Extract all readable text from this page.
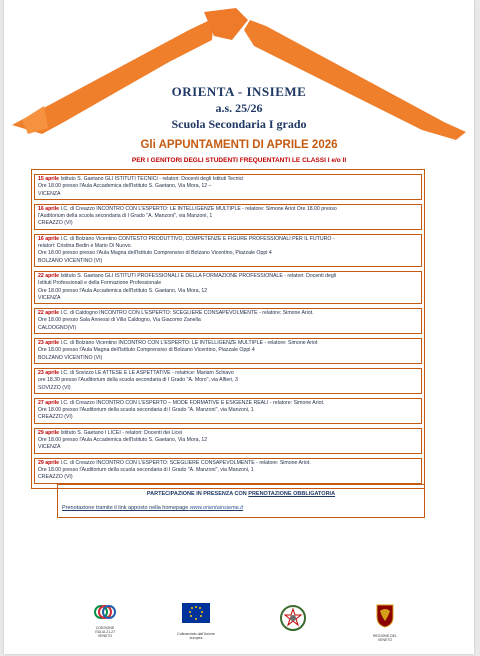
ORIENTA - INSIEME
a.s. 25/26
Scuola Secondaria I grado
Gli APPUNTAMENTI DI APRILE 2026
PER I GENITORI DEGLI STUDENTI FREQUENTANTI LE CLASSI I e/o II
15 aprile Istituto S. Gaetano GLI ISTITUTI TECNICI - relatori: Docenti degli Istituti Tecnici
Ore 18.00 presso l'Aula Accademica dell'Istituto S. Gaetano, Via Mora, 12 –
VICENZA
16 aprile I.C. di Creazzo INCONTRO CON L'ESPERTO: LE INTELLIGENZE MULTIPLE - relatore: Simone Ariot Ore 18.00 presso
l'Auditorium della scuola secondaria di I Grado "A. Manzoni", via Manzoni, 1
CREAZZO (VI)
16 aprile I.C. di Bolzano Vicentino CONTESTO PRODUTTIVO, COMPETENZE E FIGURE PROFESSIONALI PER IL FUTURO -
relatori: Cristina Bedin e Mario Di Nuovo.
Ore 18.00 presso presso l'Aula Magna dell'Istituto Comprensivo di Bolzano Vicentino, Piazzale Oppi 4
BOLZANO VICENTINO (VI)
22 aprile Istituto S. Gaetano GLI ISTITUTI PROFESSIONALI E DELLA FORMAZIONE PROFESSIONALE - relatori: Docenti degli
Istituti Professionali e della Formazione Professionale
Ore 18.00 presso l'Aula Accademica dell'Istituto S. Gaetano, Via Mora, 12
VICENZA
22 aprile I.C. di Caldogno INCONTRO CON L'ESPERTO: SCEGLIERE CONSAPEVOLMENTE - relatore: Simone Ariot.
Ore 18.00 presso Sala Annessi di Villa Caldogno, Via Giacomo Zanella
CALDOGNO(VI)
23 aprile I.C. di Bolzano Vicentino INCONTRO CON L'ESPERTO: LE INTELLIGENZE MULTIPLE - relatore: Simone Ariot
Ore 18.00 presso l'Aula Magna dell'Istituto Comprensivo di Bolzano Vicentino, Piazzale Oppi 4
BOLZANO VICENTINO (VI)
23 aprile I.C. di Sovizzo LE ATTESE E LE ASPETTATIVE - relatrice: Mariam Schiavo
ore 18.30 presso l'Auditorium della scuola secondaria di I Grado "A. Moro", via Alfieri, 3
SOVIZZO (VI)
27 aprile I.C. di Creazzo INCONTRO CON L'ESPERTO – MODE FORMATIVE E ESIGENZE REALI - relatore: Simone Ariot.
Ore 18.00 presso l'Auditorium della scuola secondaria di I Grado "A. Manzoni", via Manzoni, 1
CREAZZO (VI)
29 aprile Istituto S. Gaetano I LICEI - relatori: Docenti dei Licei
Ore 18.00 presso l'Aula Accademica dell'Istituto S. Gaetano, Via Mora, 12
VICENZA
29 aprile I.C. di Creazzo INCONTRO CON L'ESPERTO: SCEGLIERE CONSAPEVOLMENTE - relatore: Simone Ariot.
Ore 18.00 presso l'Auditorium della scuola secondaria di I Grado "A. Manzoni", via Manzoni, 1
CREAZZO (VI)
PARTECIPAZIONE IN PRESENZA CON PRENOTAZIONE OBBLIGATORIA
Prenotazione tramite il link apposto nella homepage www.orientainsieme.it
COESIONE ITALIA 21-27 VENETO	Cofinanziato dall'Unione europea	REGIONE DEL VENETO
